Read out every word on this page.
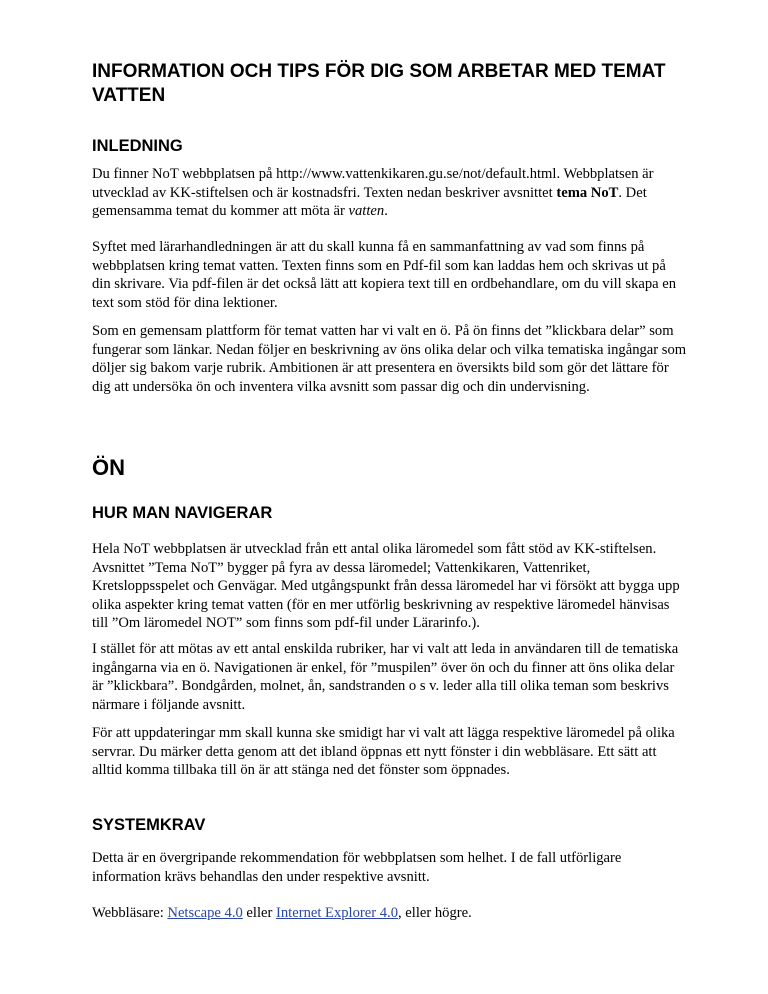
INFORMATION OCH TIPS FÖR DIG SOM ARBETAR MED TEMAT VATTEN
INLEDNING

Du finner NoT webbplatsen på http://www.vattenkikaren.gu.se/not/default.html. Webbplatsen är utvecklad av KK-stiftelsen och är kostnadsfri. Texten nedan beskriver avsnittet tema NoT. Det gemensamma temat du kommer att möta är vatten.

Syftet med lärarhandledningen är att du skall kunna få en sammanfattning av vad som finns på webbplatsen kring temat vatten. Texten finns som en Pdf-fil som kan laddas hem och skrivas ut på din skrivare. Via pdf-filen är det också lätt att kopiera text till en ordbehandlare, om du vill skapa en text som stöd för dina lektioner.

Som en gemensam plattform för temat vatten har vi valt en ö. På ön finns det ”klickbara delar” som fungerar som länkar. Nedan följer en beskrivning av öns olika delar och vilka tematiska ingångar som döljer sig bakom varje rubrik. Ambitionen är att presentera en översikts bild som gör det lättare för dig att undersöka ön och inventera vilka avsnitt som passar dig och din undervisning.

ÖN
HUR MAN NAVIGERAR

Hela NoT webbplatsen är utvecklad från ett antal olika läromedel som fått stöd av KK-stiftelsen. Avsnittet ”Tema NoT” bygger på fyra av dessa läromedel; Vattenkikaren, Vattenriket, Kretsloppsspelet och Genvägar. Med utgångspunkt från dessa läromedel har vi försökt att bygga upp olika aspekter kring temat vatten (för en mer utförlig beskrivning av respektive läromedel hänvisas till ”Om läromedel NOT” som finns som pdf-fil under Lärarinfo.).

I stället för att mötas av ett antal enskilda rubriker, har vi valt att leda in användaren till de tematiska ingångarna via en ö. Navigationen är enkel, för ”muspilen” över ön och du finner att öns olika delar är ”klickbara”. Bondgården, molnet, ån, sandstranden o s v. leder alla till olika teman som beskrivs närmare i följande avsnitt.

För att uppdateringar mm skall kunna ske smidigt har vi valt att lägga respektive läromedel på olika servrar. Du märker detta genom att det ibland öppnas ett nytt fönster i din webbläsare. Ett sätt att alltid komma tillbaka till ön är att stänga ned det fönster som öppnades.

SYSTEMKRAV

Detta är en övergripande rekommendation för webbplatsen som helhet. I de fall utförligare information krävs behandlas den under respektive avsnitt.

Webbläsare: Netscape 4.0 eller Internet Explorer 4.0, eller högre.
